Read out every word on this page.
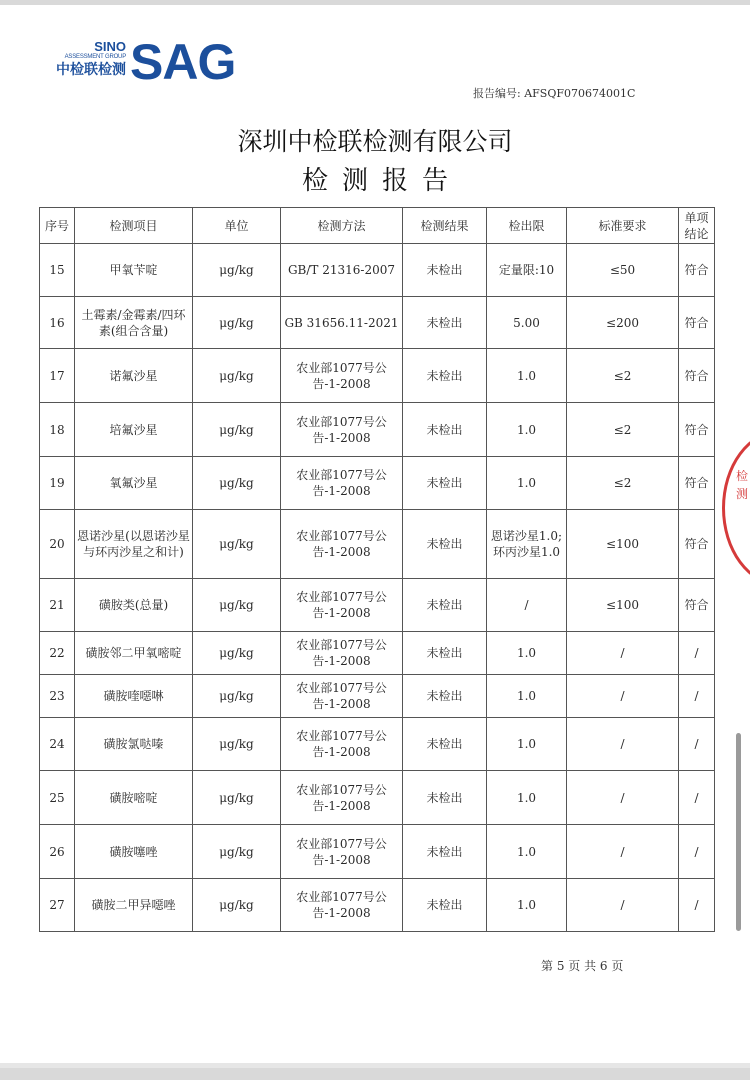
SINO
ASSESSMENT GROUP
中检联检测 SAG
报告编号: AFSQF070674001C
深圳中检联检测有限公司
检测报告
序号	检测项目	单位	检测方法	检测结果	检出限	标准要求	单项结论
15	甲氧苄啶	μg/kg	GB/T 21316-2007	未检出	定量限:10	≤50	符合
16	土霉素/金霉素/四环素(组合含量)	μg/kg	GB 31656.11-2021	未检出	5.00	≤200	符合
17	诺氟沙星	μg/kg	农业部1077号公告-1-2008	未检出	1.0	≤2	符合
18	培氟沙星	μg/kg	农业部1077号公告-1-2008	未检出	1.0	≤2	符合
19	氧氟沙星	μg/kg	农业部1077号公告-1-2008	未检出	1.0	≤2	符合
20	恩诺沙星(以恩诺沙星与环丙沙星之和计)	μg/kg	农业部1077号公告-1-2008	未检出	恩诺沙星1.0;环丙沙星1.0	≤100	符合
21	磺胺类(总量)	μg/kg	农业部1077号公告-1-2008	未检出	/	≤100	符合
22	磺胺邻二甲氧嘧啶	μg/kg	农业部1077号公告-1-2008	未检出	1.0	/	/
23	磺胺喹噁啉	μg/kg	农业部1077号公告-1-2008	未检出	1.0	/	/
24	磺胺氯哒嗪	μg/kg	农业部1077号公告-1-2008	未检出	1.0	/	/
25	磺胺嘧啶	μg/kg	农业部1077号公告-1-2008	未检出	1.0	/	/
26	磺胺噻唑	μg/kg	农业部1077号公告-1-2008	未检出	1.0	/	/
27	磺胺二甲异噁唑	μg/kg	农业部1077号公告-1-2008	未检出	1.0	/	/
检测
第 5 页 共 6 页
